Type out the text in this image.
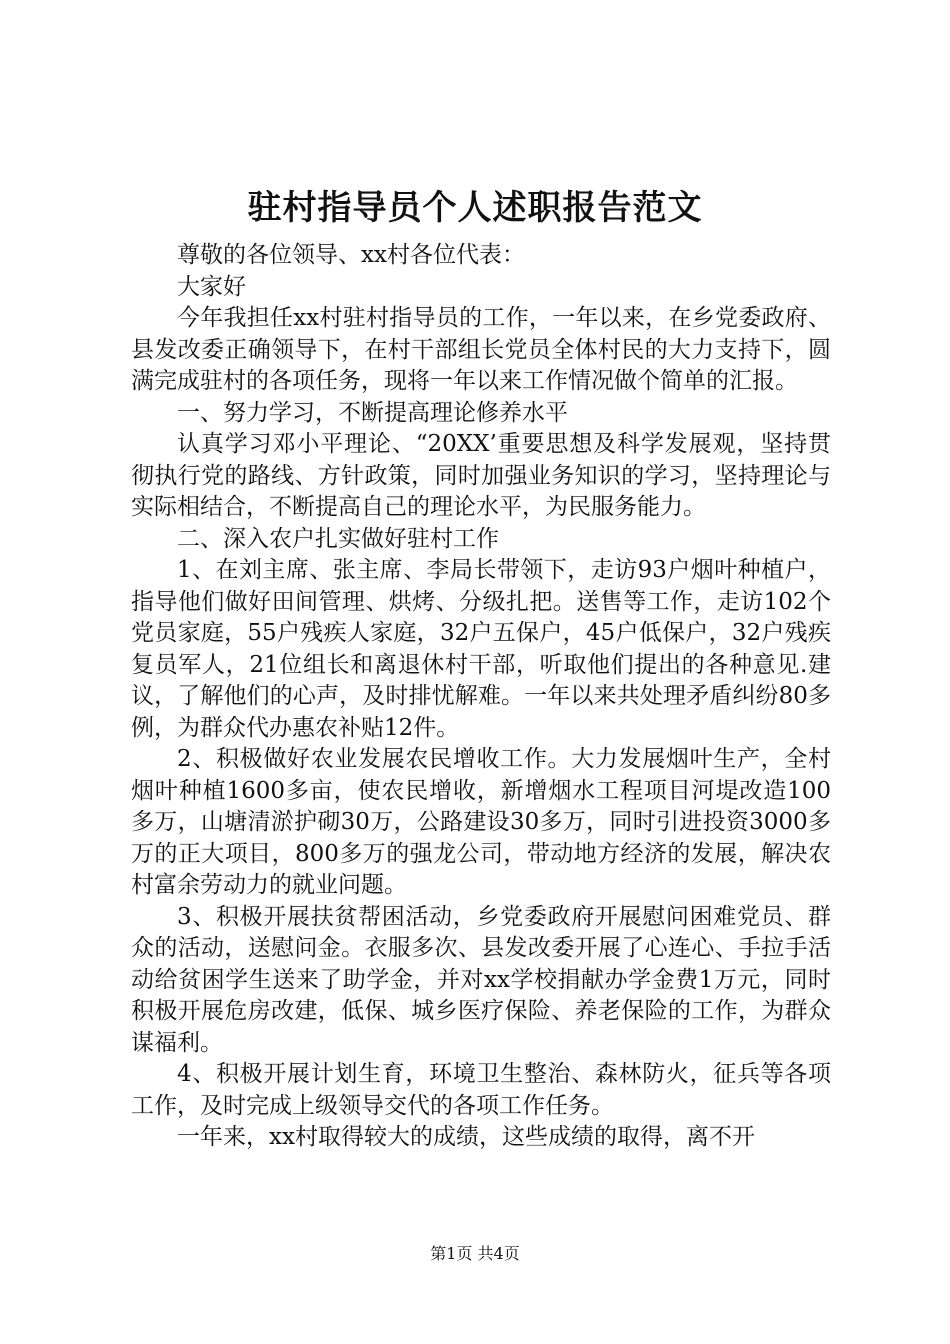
驻村指导员个人述职报告范文

尊敬的各位领导、xx村各位代表：

大家好

今年我担任xx村驻村指导员的工作，一年以来，在乡党委政府、县发改委正确领导下，在村干部组长党员全体村民的大力支持下，圆满完成驻村的各项任务，现将一年以来工作情况做个简单的汇报。

一、努力学习，不断提高理论修养水平

认真学习邓小平理论、“20XX’重要思想及科学发展观，坚持贯彻执行党的路线、方针政策，同时加强业务知识的学习，坚持理论与实际相结合，不断提高自己的理论水平，为民服务能力。

二、深入农户扎实做好驻村工作

1、在刘主席、张主席、李局长带领下，走访93户烟叶种植户，指导他们做好田间管理、烘烤、分级扎把。送售等工作，走访102个党员家庭，55户残疾人家庭，32户五保户，45户低保户，32户残疾复员军人，21位组长和离退休村干部，听取他们提出的各种意见.建议，了解他们的心声，及时排忧解难。一年以来共处理矛盾纠纷80多例，为群众代办惠农补贴12件。

2、积极做好农业发展农民增收工作。大力发展烟叶生产，全村烟叶种植1600多亩，使农民增收，新增烟水工程项目河堤改造100多万，山塘清淤护砌30万，公路建设30多万，同时引进投资3000多万的正大项目，800多万的强龙公司，带动地方经济的发展，解决农村富余劳动力的就业问题。

3、积极开展扶贫帮困活动，乡党委政府开展慰问困难党员、群众的活动，送慰问金。衣服多次、县发改委开展了心连心、手拉手活动给贫困学生送来了助学金，并对xx学校捐献办学金费1万元，同时积极开展危房改建，低保、城乡医疗保险、养老保险的工作，为群众谋福利。

4、积极开展计划生育，环境卫生整治、森林防火，征兵等各项工作，及时完成上级领导交代的各项工作任务。

一年来，xx村取得较大的成绩，这些成绩的取得，离不开

第1页 共4页
